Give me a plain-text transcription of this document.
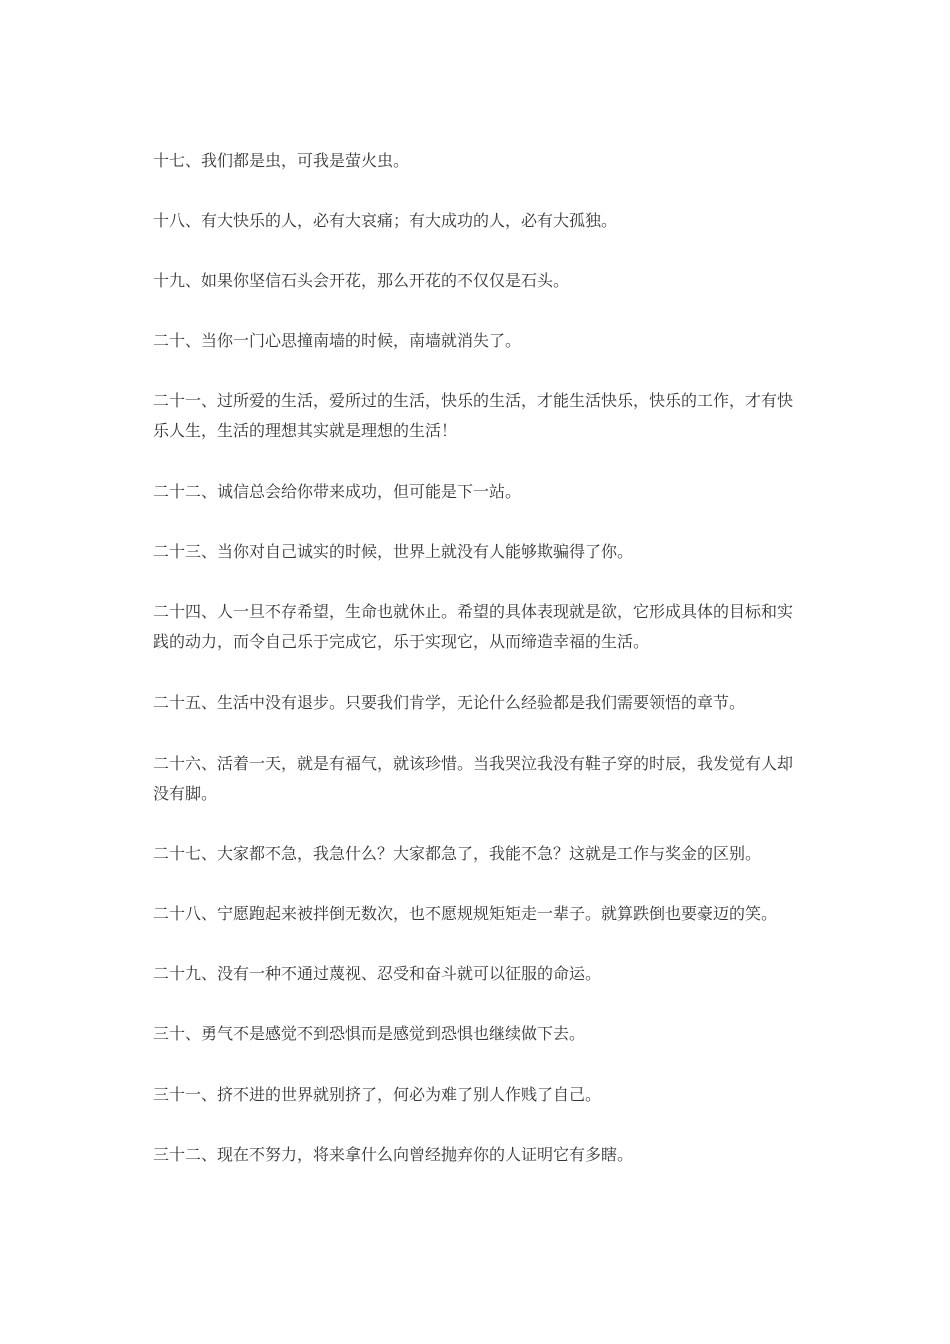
十七、我们都是虫，可我是萤火虫。

十八、有大快乐的人，必有大哀痛；有大成功的人，必有大孤独。

十九、如果你坚信石头会开花，那么开花的不仅仅是石头。

二十、当你一门心思撞南墙的时候，南墙就消失了。

二十一、过所爱的生活，爱所过的生活，快乐的生活，才能生活快乐，快乐的工作，才有快乐人生，生活的理想其实就是理想的生活！

二十二、诚信总会给你带来成功，但可能是下一站。

二十三、当你对自己诚实的时候，世界上就没有人能够欺骗得了你。

二十四、人一旦不存希望，生命也就休止。希望的具体表现就是欲，它形成具体的目标和实践的动力，而令自己乐于完成它，乐于实现它，从而缔造幸福的生活。

二十五、生活中没有退步。只要我们肯学，无论什么经验都是我们需要领悟的章节。

二十六、活着一天，就是有福气，就该珍惜。当我哭泣我没有鞋子穿的时辰，我发觉有人却没有脚。

二十七、大家都不急，我急什么？大家都急了，我能不急？这就是工作与奖金的区别。

二十八、宁愿跑起来被拌倒无数次，也不愿规规矩矩走一辈子。就算跌倒也要豪迈的笑。

二十九、没有一种不通过蔑视、忍受和奋斗就可以征服的命运。

三十、勇气不是感觉不到恐惧而是感觉到恐惧也继续做下去。

三十一、挤不进的世界就别挤了，何必为难了别人作贱了自己。

三十二、现在不努力，将来拿什么向曾经抛弃你的人证明它有多瞎。
